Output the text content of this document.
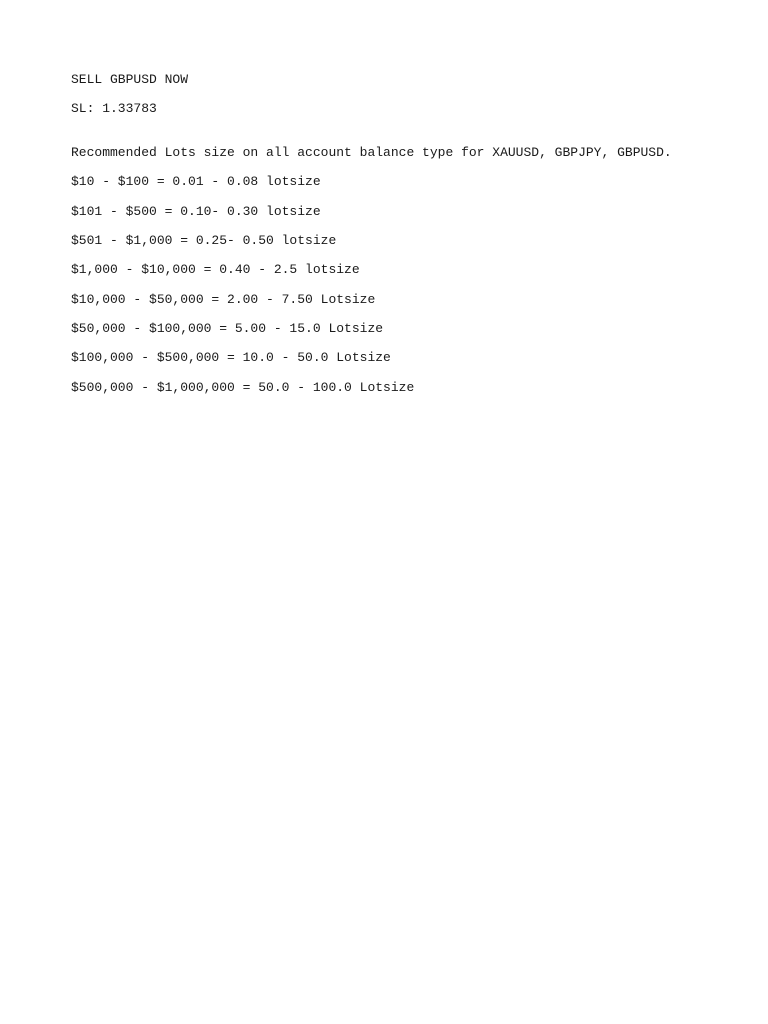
SELL GBPUSD NOW

SL: 1.33783

Recommended Lots size on all account balance type for XAUUSD, GBPJPY, GBPUSD.

$10 - $100 = 0.01 - 0.08 lotsize

$101 - $500 = 0.10- 0.30 lotsize

$501 - $1,000 = 0.25- 0.50 lotsize

$1,000 - $10,000 = 0.40 - 2.5 lotsize

$10,000 - $50,000 = 2.00 - 7.50 Lotsize

$50,000 - $100,000 = 5.00 - 15.0 Lotsize

$100,000 - $500,000 = 10.0 - 50.0 Lotsize

$500,000 - $1,000,000 = 50.0 - 100.0 Lotsize
